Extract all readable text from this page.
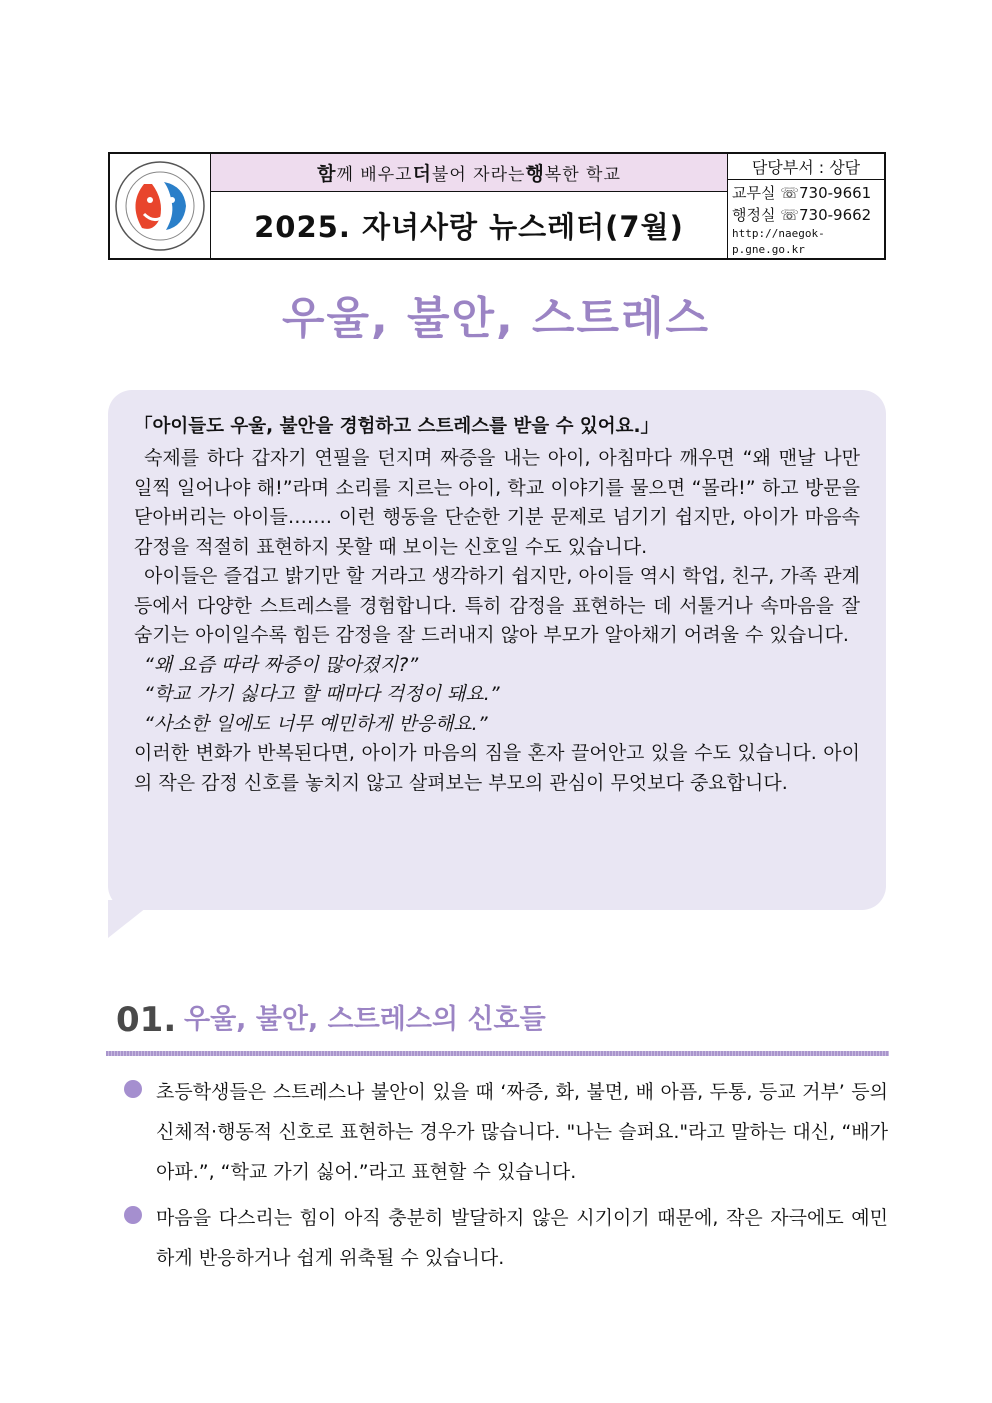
함 께 배우고 더 불어 자라는 행 복한 학교
2025. 자녀사랑 뉴스레터(7월)
담당부서 : 상담
교무실 ☏730-9661
행정실 ☏730-9662
http://naegok-p.gne.go.kr
우울, 불안, 스트레스
「아이들도 우울, 불안을 경험하고 스트레스를 받을 수 있어요.」

숙제를 하다 갑자기 연필을 던지며 짜증을 내는 아이, 아침마다 깨우면 “왜 맨날 나만 일찍 일어나야 해!”라며 소리를 지르는 아이, 학교 이야기를 물으면 “몰라!” 하고 방문을 닫아버리는 아이들……. 이런 행동을 단순한 기분 문제로 넘기기 쉽지만, 아이가 마음속 감정을 적절히 표현하지 못할 때 보이는 신호일 수도 있습니다.

아이들은 즐겁고 밝기만 할 거라고 생각하기 쉽지만, 아이들 역시 학업, 친구, 가족 관계 등에서 다양한 스트레스를 경험합니다. 특히 감정을 표현하는 데 서툴거나 속마음을 잘 숨기는 아이일수록 힘든 감정을 잘 드러내지 않아 부모가 알아채기 어려울 수 있습니다.

“왜 요즘 따라 짜증이 많아졌지?”

“학교 가기 싫다고 할 때마다 걱정이 돼요.”

“사소한 일에도 너무 예민하게 반응해요.”

이러한 변화가 반복된다면, 아이가 마음의 짐을 혼자 끌어안고 있을 수도 있습니다. 아이의 작은 감정 신호를 놓치지 않고 살펴보는 부모의 관심이 무엇보다 중요합니다.

01. 우울, 불안, 스트레스의 신호들

초등학생들은 스트레스나 불안이 있을 때 ‘짜증, 화, 불면, 배 아픔, 두통, 등교 거부’ 등의 신체적·행동적 신호로 표현하는 경우가 많습니다. "나는 슬퍼요."라고 말하는 대신, “배가 아파.”, “학교 가기 싫어.”라고 표현할 수 있습니다.

마음을 다스리는 힘이 아직 충분히 발달하지 않은 시기이기 때문에, 작은 자극에도 예민하게 반응하거나 쉽게 위축될 수 있습니다.
